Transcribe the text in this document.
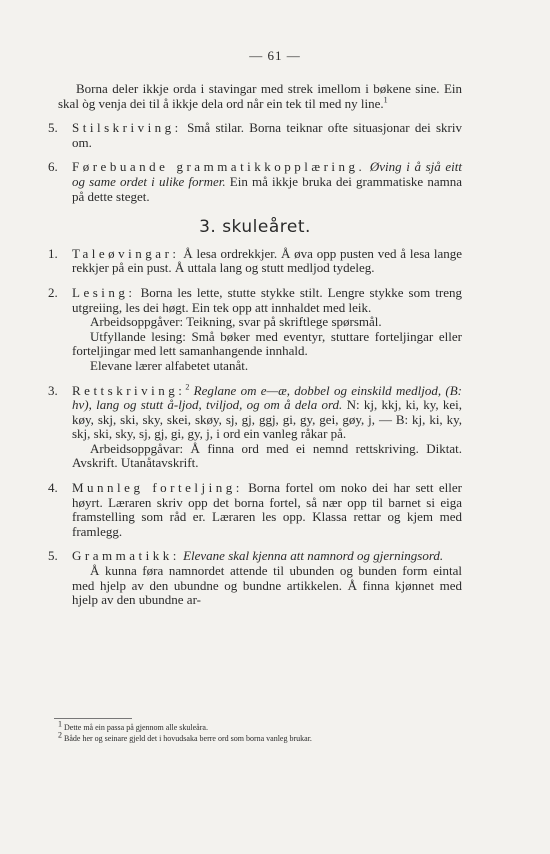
— 61 —

Borna deler ikkje orda i stavingar med strek imellom i bøkene sine. Ein skal òg venja dei til å ikkje dela ord når ein tek til med ny line.$^1$

5.	Stilskriving: Små stilar. Borna teiknar ofte situasjonar dei skriv om.

6.	Førebuande grammatikkopplæring. Øving i å sjå eitt og same ordet i ulike former. Ein må ikkje bruka dei grammatiske namna på dette steget.

3. skuleåret.
1.	Taleøvingar: Å lesa ordrekkjer. Å øva opp pusten ved å lesa lange rekkjer på ein pust. Å uttala lang og stutt medljod tydeleg.

2.	Lesing: Borna les lette, stutte stykke stilt. Lengre stykke som treng utgreiing, les dei høgt. Ein tek opp att innhaldet med leik.

Arbeidsoppgåver: Teikning, svar på skriftlege spørsmål.

Utfyllande lesing: Små bøker med eventyr, stuttare forteljingar eller forteljingar med lett samanhangende innhald.

Elevane lærer alfabetet utanåt.

3.	Rettskriving:$^2$ Reglane om e—æ, dobbel og einskild medljod, (B: hv), lang og stutt å-ljod, tviljod, og om å dela ord. N: kj, kkj, ki, ky, kei, køy, skj, ski, sky, skei, skøy, sj, gj, ggj, gi, gy, gei, gøy, j, — B: kj, ki, ky, skj, ski, sky, sj, gj, gi, gy, j, i ord ein vanleg råkar på.

Arbeidsoppgåvar: Å finna ord med ei nemnd rettskriving. Diktat. Avskrift. Utanåtavskrift.

4.	Munnleg forteljing: Borna fortel om noko dei har sett eller høyrt. Læraren skriv opp det borna fortel, så nær opp til barnet si eiga framstelling som råd er. Læraren les opp. Klassa rettar og kjem med framlegg.

5.	Grammatikk: Elevane skal kjenna att namnord og gjerningsord.

Å kunna føra namnordet attende til ubunden og bunden form eintal med hjelp av den ubundne og bundne artikkelen. Å finna kjønnet med hjelp av den ubundne ar-

$^1$ Dette må ein passa på gjennom alle skuleåra.

$^2$ Både her og seinare gjeld det i hovudsaka berre ord som borna vanleg brukar.
